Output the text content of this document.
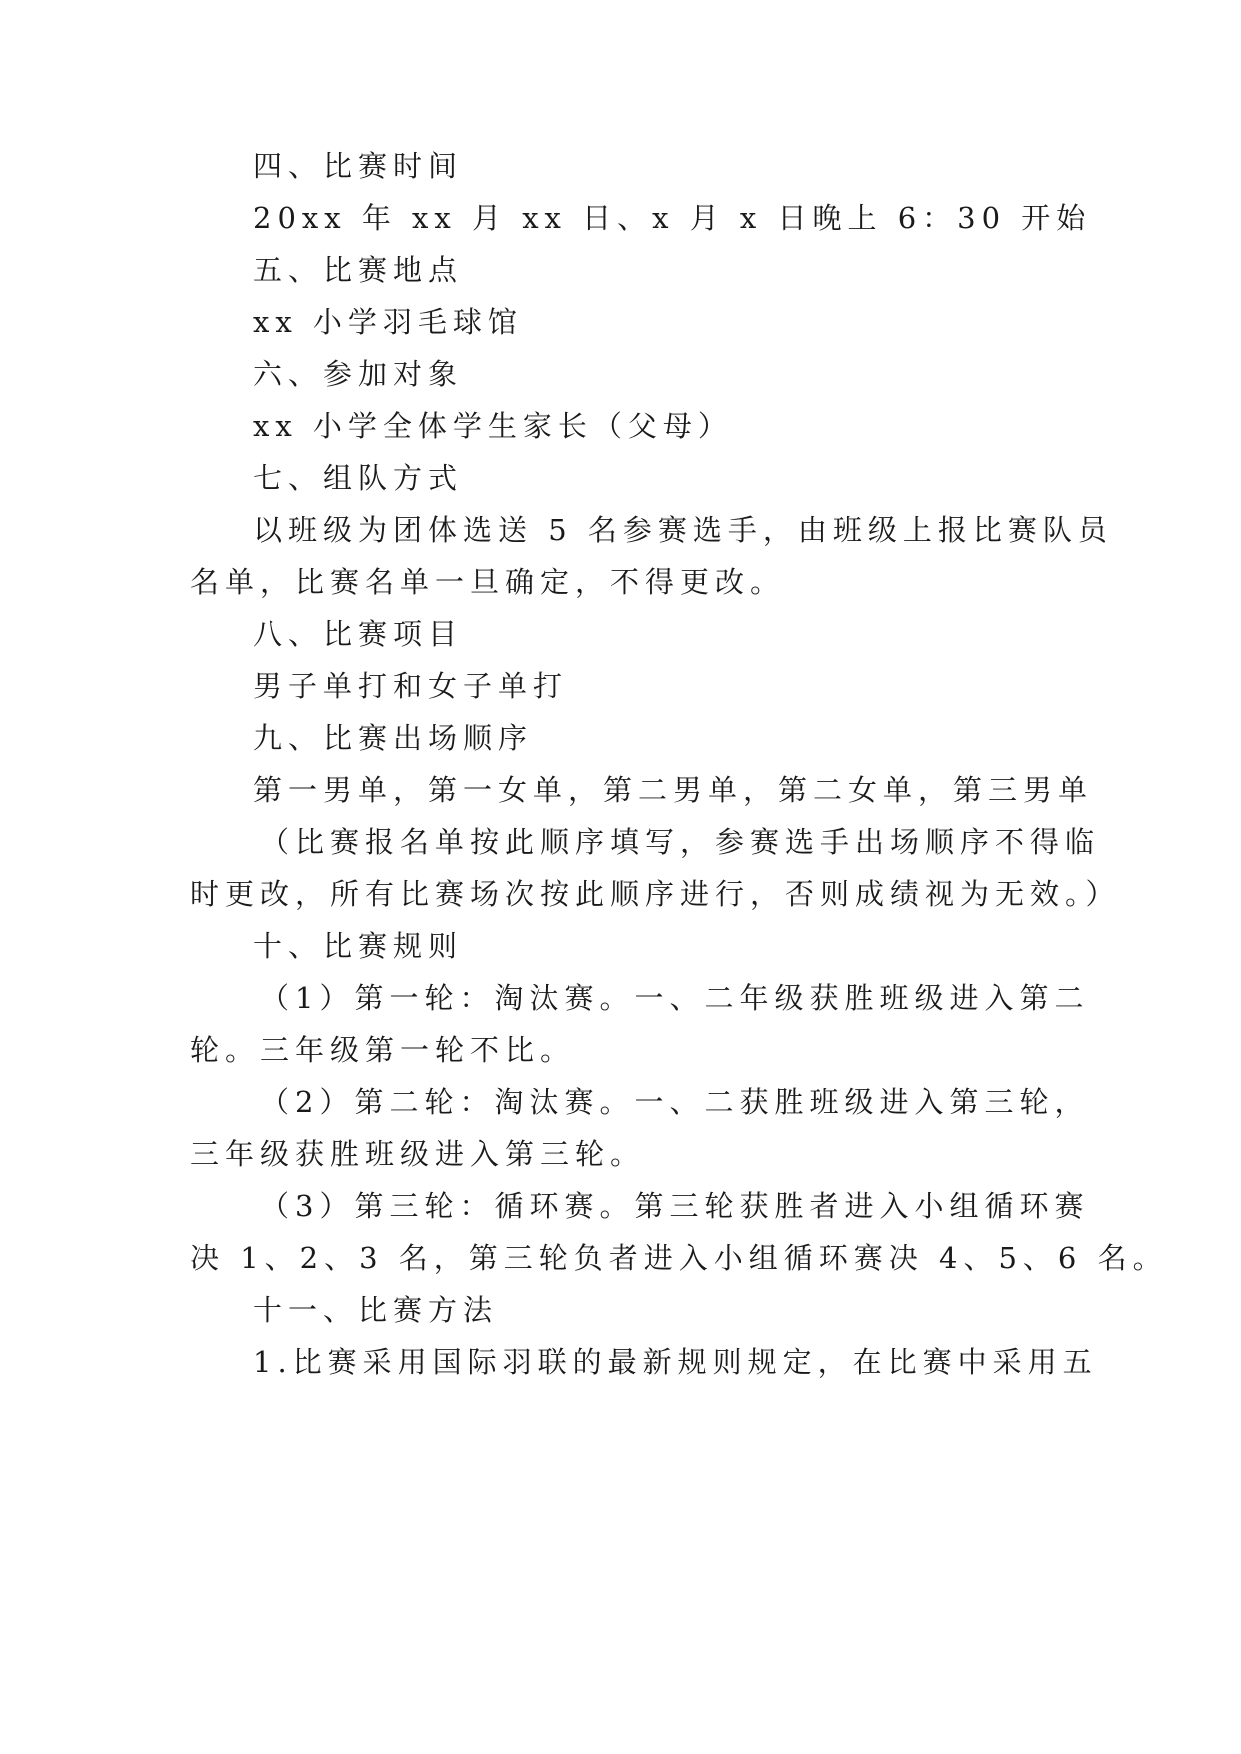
四、比赛时间
20xx 年 xx 月 xx 日、x 月 x 日晚上 6：30 开始
五、比赛地点
xx 小学羽毛球馆
六、参加对象
xx 小学全体学生家长（父母）
七、组队方式
以班级为团体选送 5 名参赛选手，由班级上报比赛队员
名单，比赛名单一旦确定，不得更改。
八、比赛项目
男子单打和女子单打
九、比赛出场顺序
第一男单，第一女单，第二男单，第二女单，第三男单
（比赛报名单按此顺序填写，参赛选手出场顺序不得临
时更改，所有比赛场次按此顺序进行，否则成绩视为无效。）
十、比赛规则
（1）第一轮：淘汰赛。一、二年级获胜班级进入第二
轮。三年级第一轮不比。
（2）第二轮：淘汰赛。一、二获胜班级进入第三轮，
三年级获胜班级进入第三轮。
（3）第三轮：循环赛。第三轮获胜者进入小组循环赛
决 1、2、3 名，第三轮负者进入小组循环赛决 4、5、6 名。
十一、比赛方法
1.比赛采用国际羽联的最新规则规定，在比赛中采用五
